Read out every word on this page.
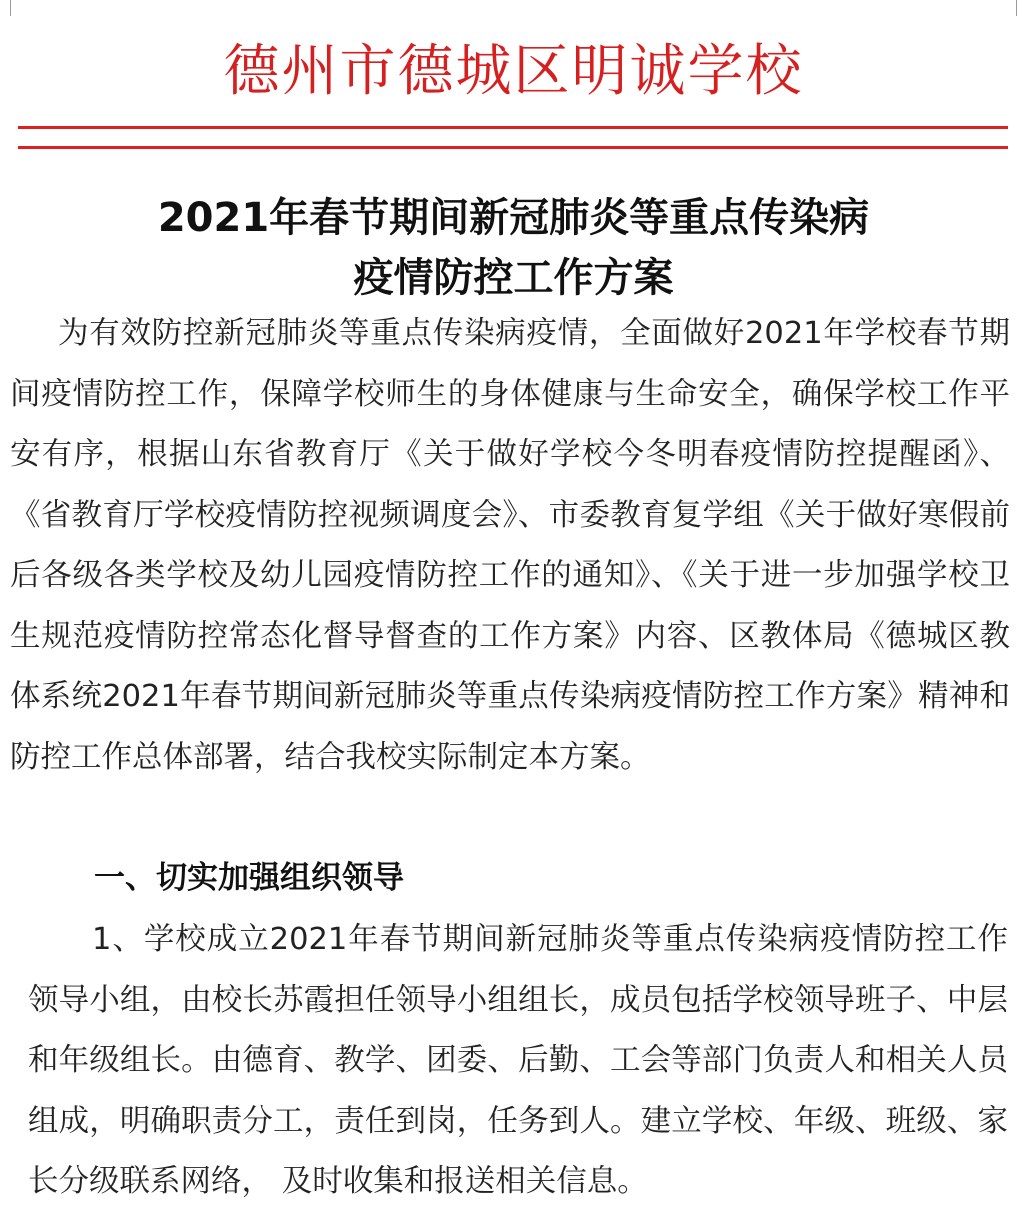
德州市德城区明诚学校
2021年春节期间新冠肺炎等重点传染病
疫情防控工作方案

为有效防控新冠肺炎等重点传染病疫情，全面做好2021年学校春节期间疫情防控工作，保障学校师生的身体健康与生命安全，确保学校工作平安有序，根据山东省教育厅《关于做好学校今冬明春疫情防控提醒函》、《省教育厅学校疫情防控视频调度会》、市委教育复学组《关于做好寒假前后各级各类学校及幼儿园疫情防控工作的通知》、《关于进一步加强学校卫生规范疫情防控常态化督导督查的工作方案》内容、区教体局《德城区教体系统2021年春节期间新冠肺炎等重点传染病疫情防控工作方案》精神和防控工作总体部署，结合我校实际制定本方案。

一、切实加强组织领导

1、学校成立2021年春节期间新冠肺炎等重点传染病疫情防控工作领导小组，由校长苏霞担任领导小组组长，成员包括学校领导班子、中层和年级组长。由德育、教学、团委、后勤、工会等部门负责人和相关人员组成，明确职责分工，责任到岗，任务到人。建立学校、年级、班级、家长分级联系网络， 及时收集和报送相关信息。
